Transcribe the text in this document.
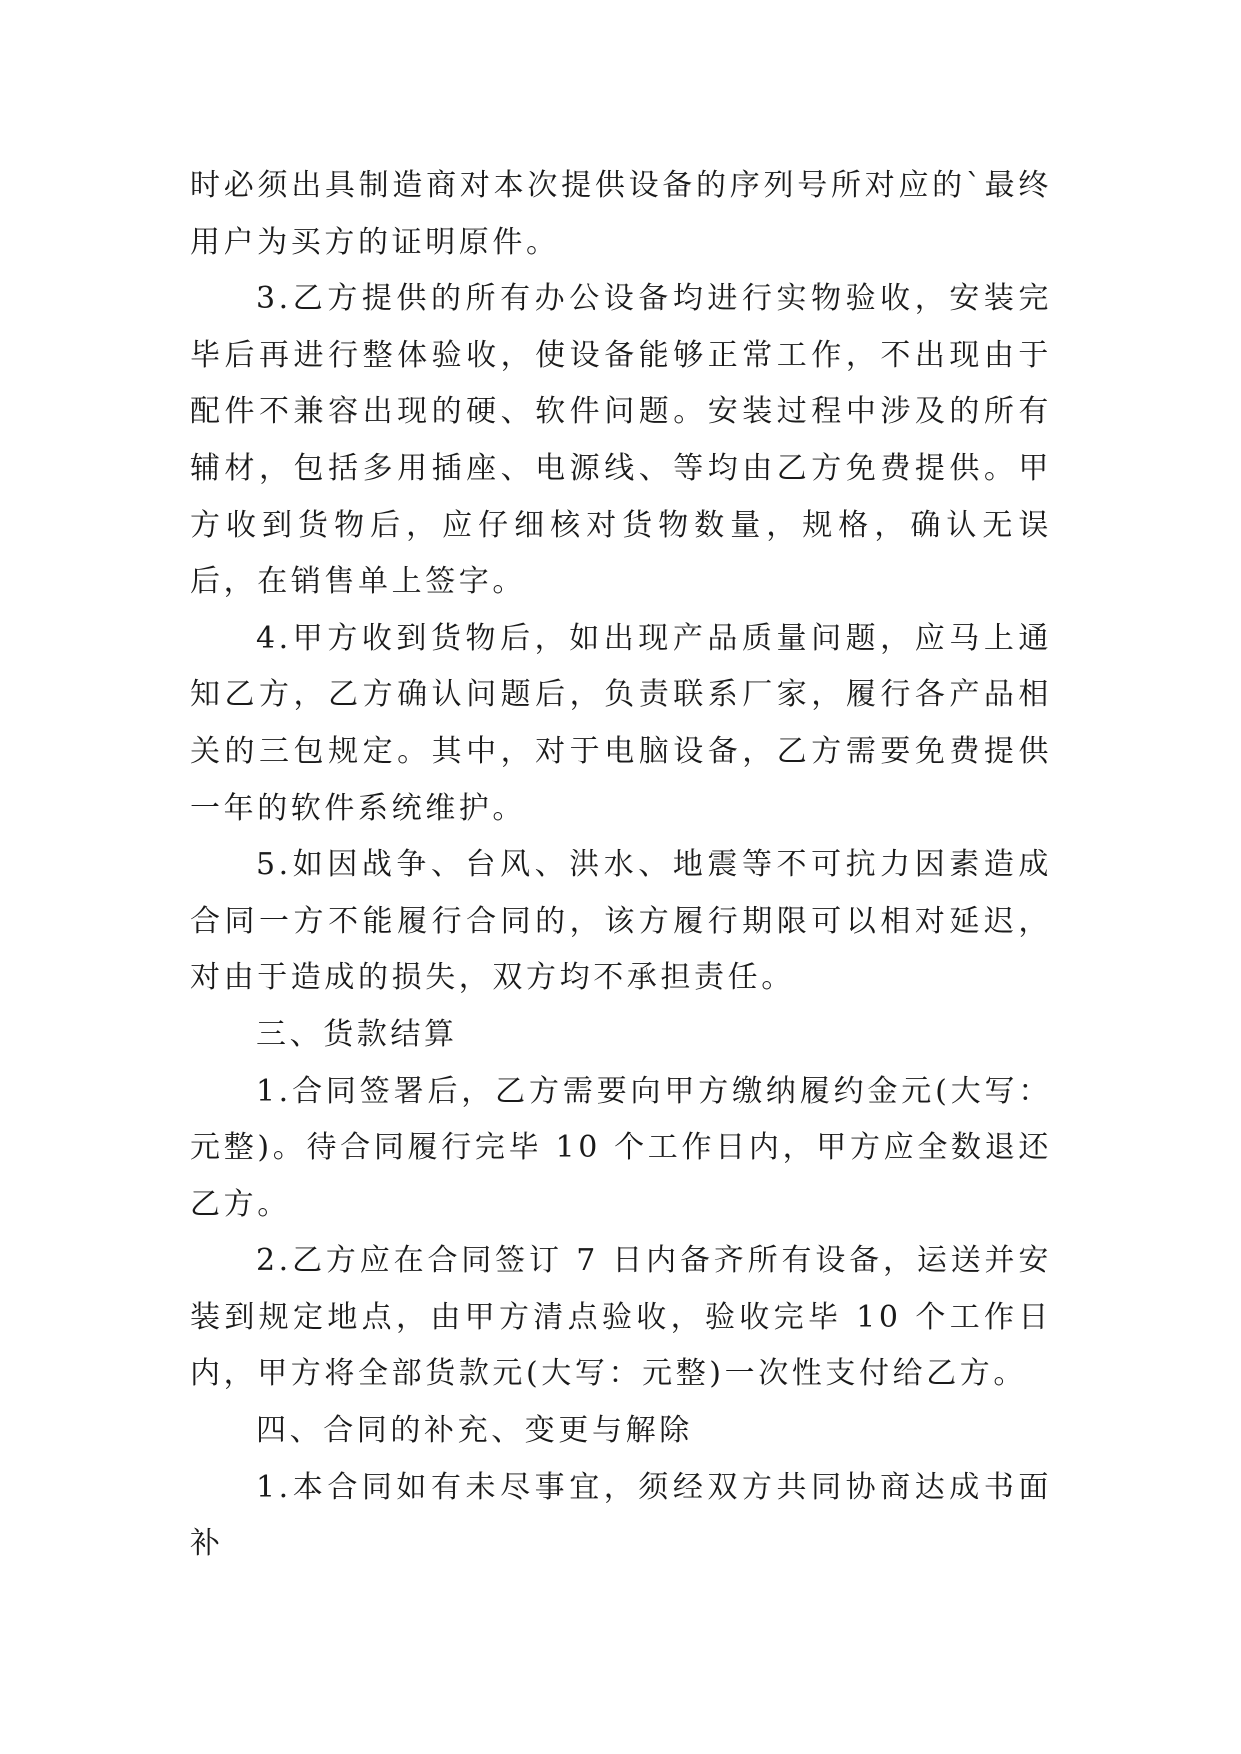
时必须出具制造商对本次提供设备的序列号所对应的`最终用户为买方的证明原件。

3.乙方提供的所有办公设备均进行实物验收，安装完毕后再进行整体验收，使设备能够正常工作，不出现由于配件不兼容出现的硬、软件问题。安装过程中涉及的所有辅材，包括多用插座、电源线、等均由乙方免费提供。甲方收到货物后，应仔细核对货物数量，规格，确认无误后，在销售单上签字。

4.甲方收到货物后，如出现产品质量问题，应马上通知乙方，乙方确认问题后，负责联系厂家，履行各产品相关的三包规定。其中，对于电脑设备，乙方需要免费提供一年的软件系统维护。

5.如因战争、台风、洪水、地震等不可抗力因素造成合同一方不能履行合同的，该方履行期限可以相对延迟，对由于造成的损失，双方均不承担责任。

三、货款结算

1.合同签署后，乙方需要向甲方缴纳履约金元(大写：元整)。待合同履行完毕 10 个工作日内，甲方应全数退还乙方。

2.乙方应在合同签订 7 日内备齐所有设备，运送并安装到规定地点，由甲方清点验收，验收完毕 10 个工作日内，甲方将全部货款元(大写：元整)一次性支付给乙方。

四、合同的补充、变更与解除

1.本合同如有未尽事宜，须经双方共同协商达成书面补
